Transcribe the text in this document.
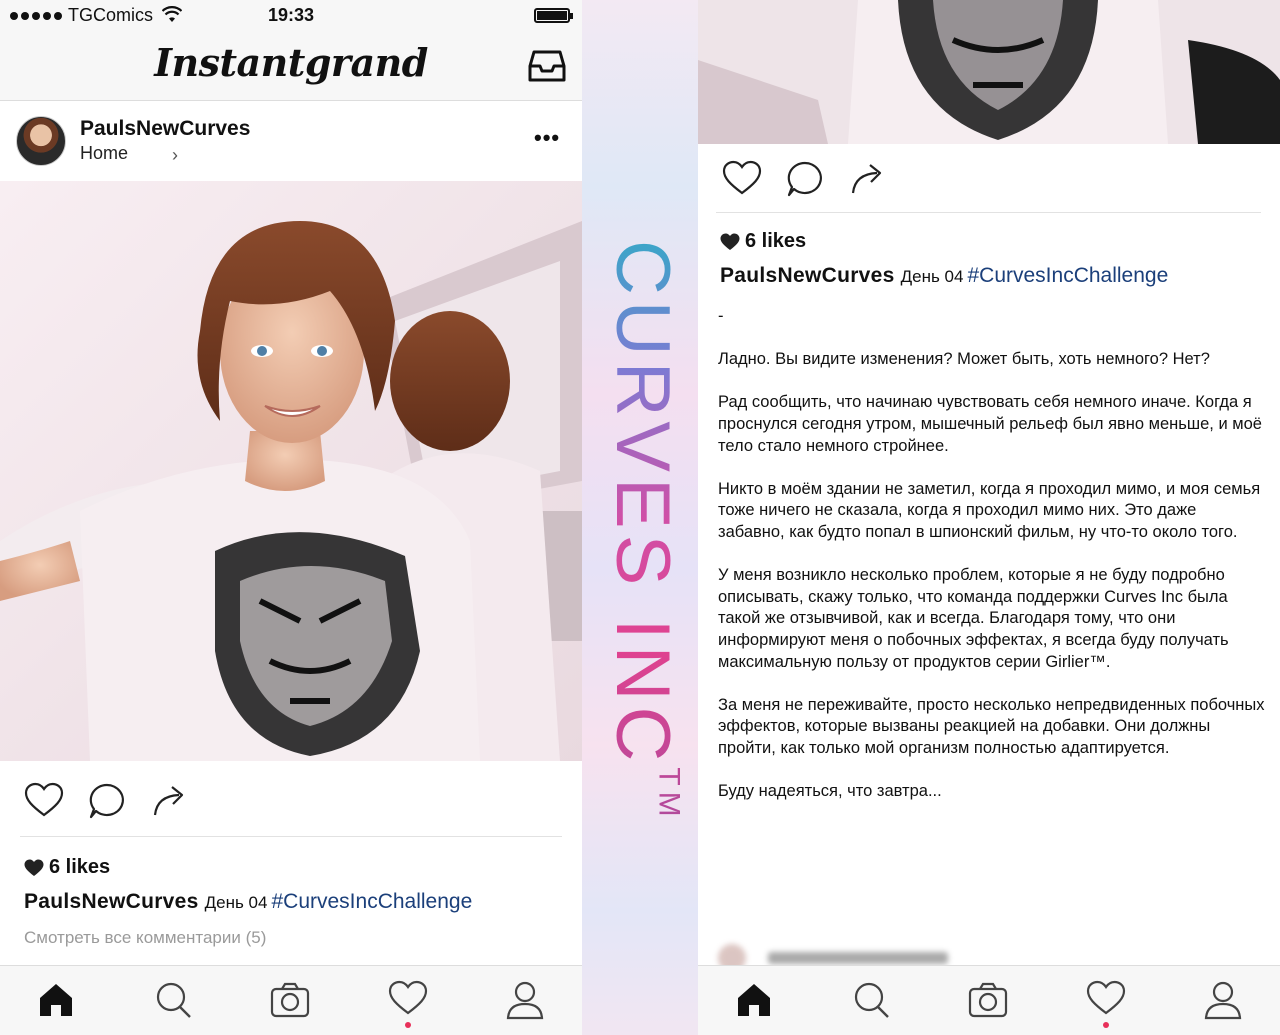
TGComics	19:33
Instantgrand
PaulsNewCurves
Home ›
•••
6 likes
PaulsNewCurves День 04 #CurvesIncChallenge
Смотреть все комментарии (5)
CURVES INC™
6 likes
PaulsNewCurves День 04 #CurvesIncChallenge

-

Ладно. Вы видите изменения? Может быть, хоть немного? Нет?

Рад сообщить, что начинаю чувствовать себя немного иначе. Когда я проснулся сегодня утром, мышечный рельеф был явно меньше, и моё тело стало немного стройнее.

Никто в моём здании не заметил, когда я проходил мимо, и моя семья тоже ничего не сказала, когда я проходил мимо них. Это даже забавно, как будто попал в шпионский фильм, ну что-то около того.

У меня возникло несколько проблем, которые я не буду подробно описывать, скажу только, что команда поддержки Curves Inc была такой же отзывчивой, как и всегда. Благодаря тому, что они информируют меня о побочных эффектах, я всегда буду получать максимальную пользу от продуктов серии Girlier™.

За меня не переживайте, просто несколько непредвиденных побочных эффектов, которые вызваны реакцией на добавки. Они должны пройти, как только мой организм полностью адаптируется.

Буду надеяться, что завтра...
